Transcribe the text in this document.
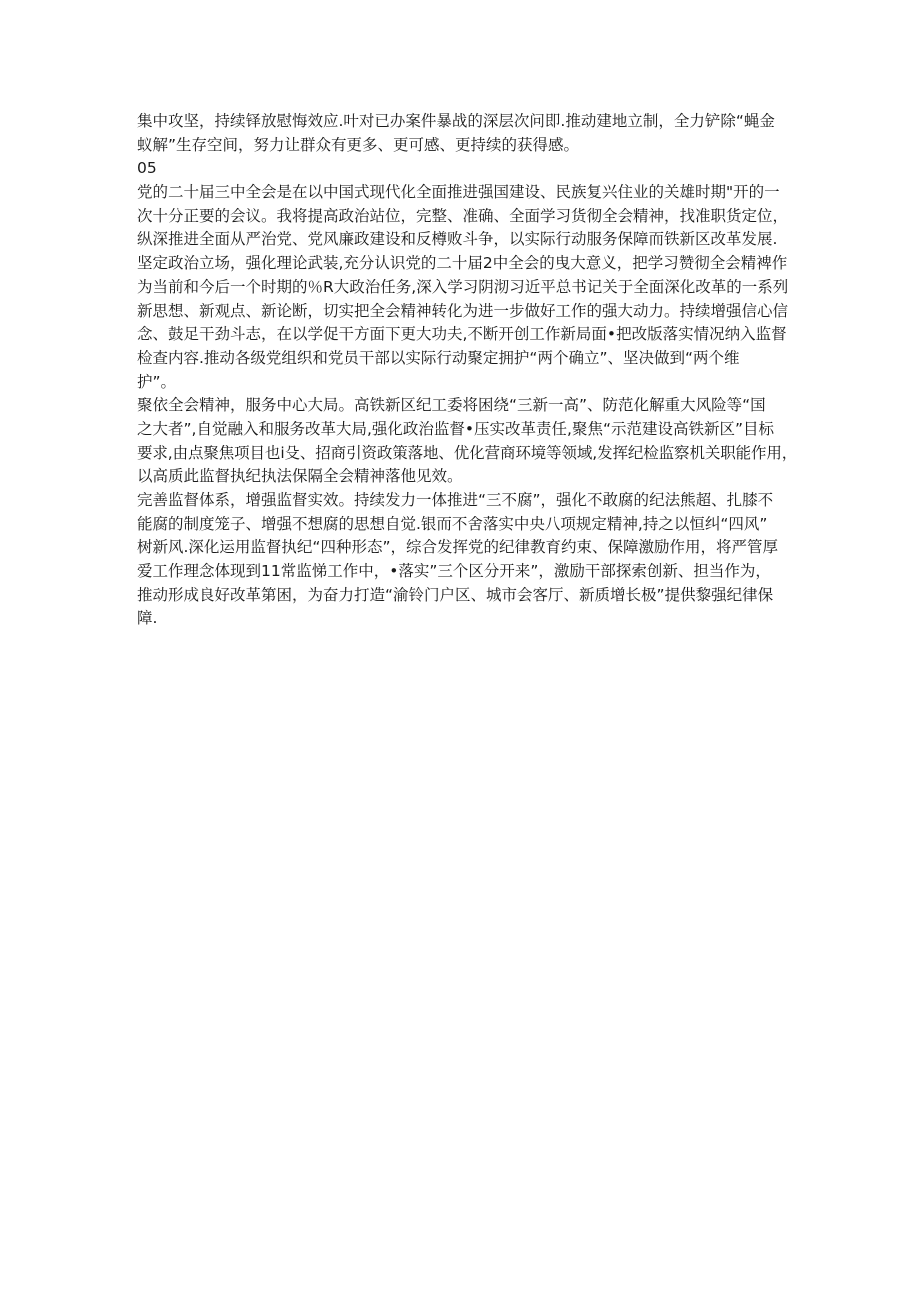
集中攻坚，持续铎放慰悔效应.叶对已办案件暴战的深层次问即.推动建地立制，全力铲除“蝇金
蚁解”生存空间，努力让群众有更多、更可感、更持续的获得感。
05
党的二十届三中全会是在以中国式现代化全面推进强国建设、民族复兴住业的关雄时期"开的一
次十分正要的会议。我将提高政治站位，完整、准确、全面学习货彻全会精神，找准职货定位，
纵深推进全面从严治党、党风廉政建设和反樽败斗争，以实际行动服务保障而铁新区改革发展.
坚定政治立场，强化理论武装,充分认识党的二十届2中全会的曳大意义，把学习赞彻全会精裨作
为当前和今后一个时期的％R大政治任务,深入学习阴沏习近平总书记关于全面深化改革的一系列
新思想、新观点、新论断，切实把全会精神转化为进一步做好工作的强大动力。持续增强信心信
念、鼓足干劲斗志，在以学促干方面下更大功夫,不断开创工作新局面•把改版落实情况纳入监督
检查内容.推动各级党组织和党员干部以实际行动聚定拥护“两个确立”、坚决做到“两个维
护”。
聚依全会精神，服务中心大局。高铁新区纪工委将困绕“三新一高”、防范化解重大风险等“国
之大者”,自觉融入和服务改革大局,强化政治监督•压实改革责任,聚焦“示范建设高铁新区”目标
要求,由点聚焦项目也i殳、招商引资政策落地、优化营商环境等领域,发挥纪检监察机关职能作用，
以高质此监督执纪执法保隔全会精神落他见效。
完善监督体系，增强监督实效。持续发力一体推进“三不腐”，强化不敢腐的纪法熊超、扎膝不
能腐的制度笼子、增强不想腐的思想自觉.银而不舍落实中央八项规定精神,持之以恒纠“四风”
树新风.深化运用监督执纪“四种形态”，综合发挥党的纪律教育约束、保障激励作用，将严管厚
爱工作理念体现到11常监悌工作中，•落实”三个区分开来”，激励干部探索创新、担当作为，
推动形成良好改革第困，为奋力打造“渝铃门户区、城市会客厅、新质增长极”提供黎强纪律保
障.
